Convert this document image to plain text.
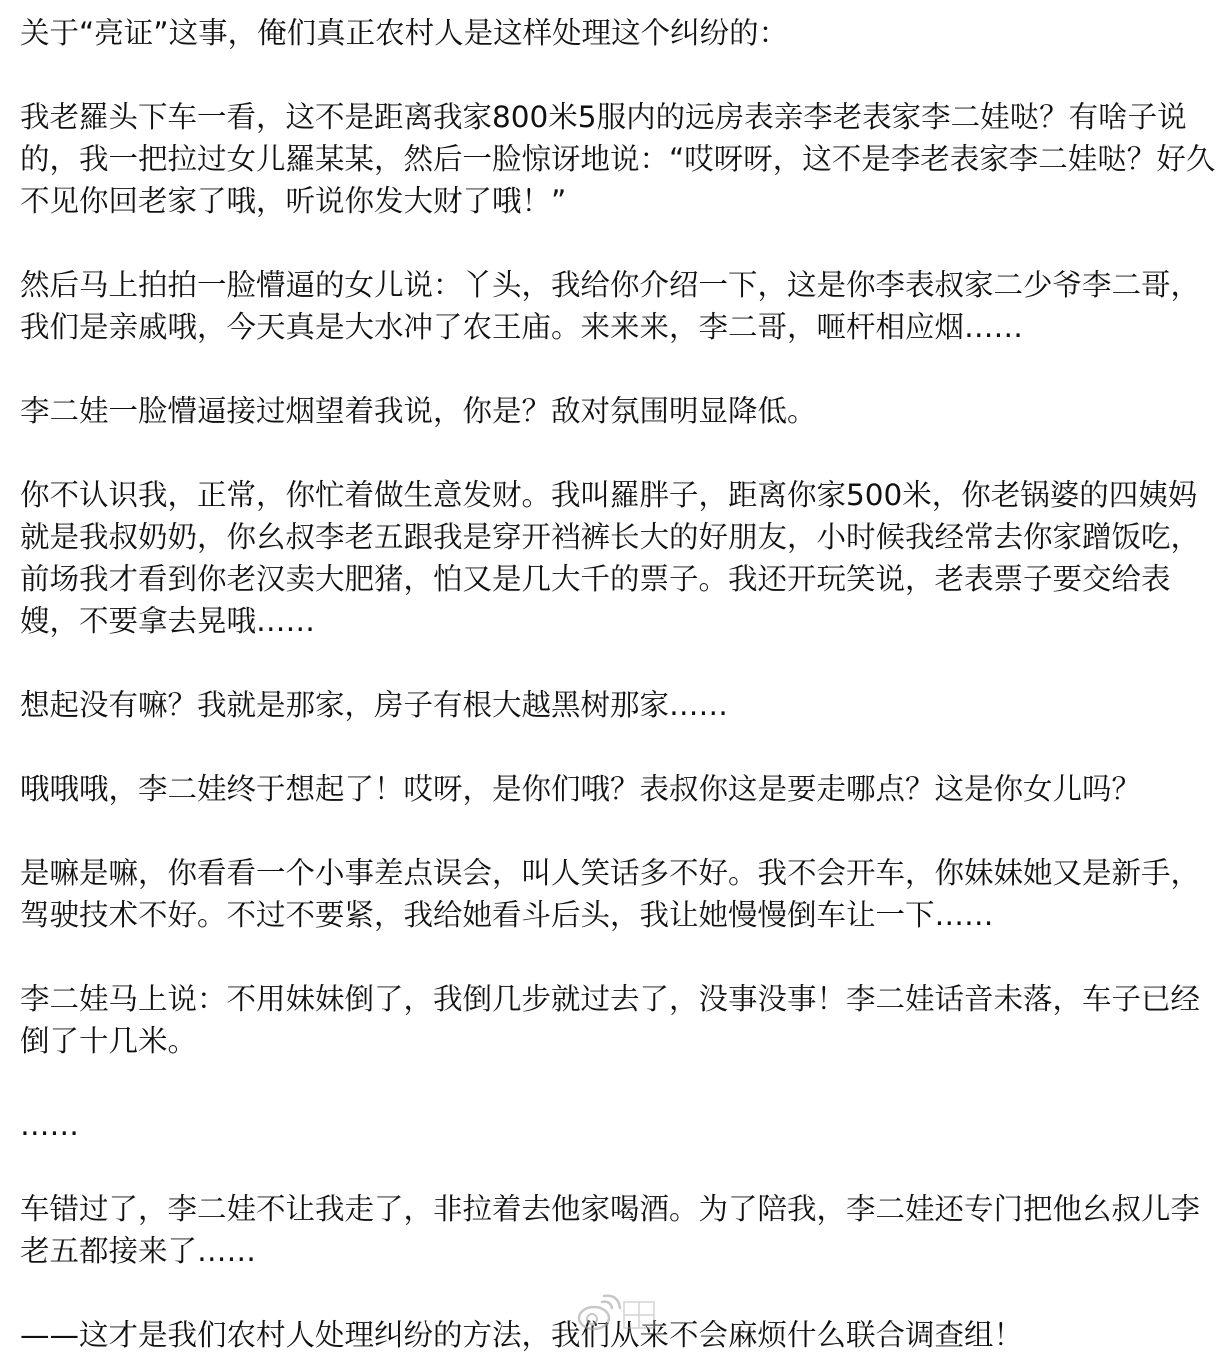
关于“亮证”这事，俺们真正农村人是这样处理这个纠纷的：

我老羅头下车一看，这不是距离我家800米5服内的远房表亲李老表家李二娃哒？有啥子说的，我一把拉过女儿羅某某，然后一脸惊讶地说：“哎呀呀，这不是李老表家李二娃哒？好久不见你回老家了哦，听说你发大财了哦！”

然后马上拍拍一脸懵逼的女儿说：丫头，我给你介绍一下，这是你李表叔家二少爷李二哥，我们是亲戚哦，今天真是大水冲了农王庙。来来来，李二哥，咂杆相应烟……

李二娃一脸懵逼接过烟望着我说，你是？敌对氛围明显降低。

你不认识我，正常，你忙着做生意发财。我叫羅胖子，距离你家500米，你老锅婆的四姨妈就是我叔奶奶，你幺叔李老五跟我是穿开裆裤长大的好朋友，小时候我经常去你家蹭饭吃，前场我才看到你老汉卖大肥猪，怕又是几大千的票子。我还开玩笑说，老表票子要交给表嫂，不要拿去晃哦……

想起没有嘛？我就是那家，房子有根大越黑树那家……

哦哦哦，李二娃终于想起了！哎呀，是你们哦？表叔你这是要走哪点？这是你女儿吗？

是嘛是嘛，你看看一个小事差点误会，叫人笑话多不好。我不会开车，你妹妹她又是新手，驾驶技术不好。不过不要紧，我给她看斗后头，我让她慢慢倒车让一下……

李二娃马上说：不用妹妹倒了，我倒几步就过去了，没事没事！李二娃话音未落，车子已经倒了十几米。

……

车错过了，李二娃不让我走了，非拉着去他家喝酒。为了陪我，李二娃还专门把他幺叔儿李老五都接来了……

——这才是我们农村人处理纠纷的方法，我们从来不会麻烦什么联合调查组！
